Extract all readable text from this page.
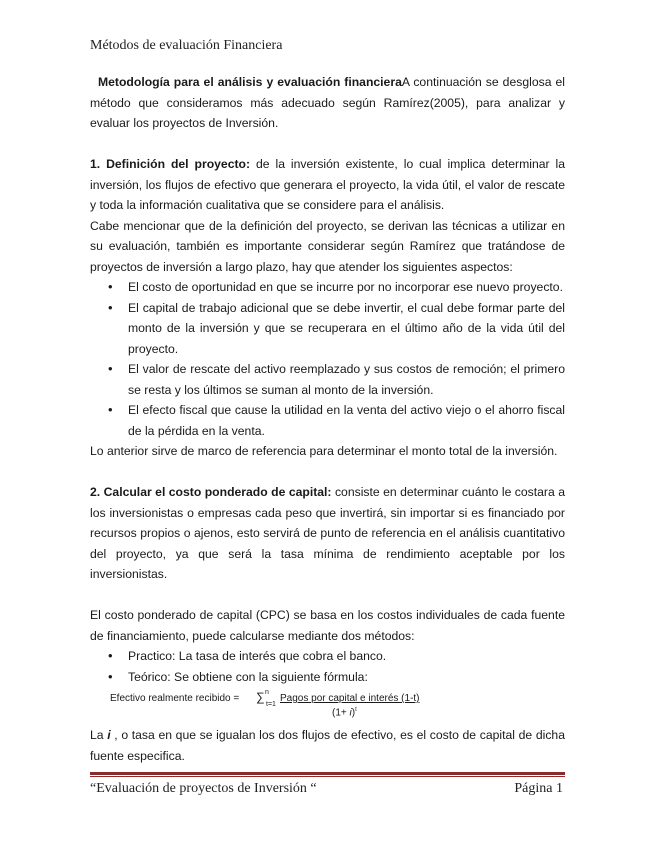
Métodos de evaluación Financiera

Metodología para el análisis y evaluación financieraA continuación se desglosa el método que consideramos más adecuado según Ramírez(2005), para analizar y evaluar los proyectos de Inversión.

1. Definición del proyecto: de la inversión existente, lo cual implica determinar la inversión, los flujos de efectivo que generara el proyecto, la vida útil, el valor de rescate y toda la información cualitativa que se considere para el análisis.

Cabe mencionar que de la definición del proyecto, se derivan las técnicas a utilizar en su evaluación, también es importante considerar según Ramírez que tratándose de proyectos de inversión a largo plazo, hay que atender los siguientes aspectos:

• El costo de oportunidad en que se incurre por no incorporar ese nuevo proyecto.
• El capital de trabajo adicional que se debe invertir, el cual debe formar parte del monto de la inversión y que se recuperara en el último año de la vida útil del proyecto.
• El valor de rescate del activo reemplazado y sus costos de remoción; el primero se resta y los últimos se suman al monto de la inversión.
• El efecto fiscal que cause la utilidad en la venta del activo viejo o el ahorro fiscal de la pérdida en la venta.

Lo anterior sirve de marco de referencia para determinar el monto total de la inversión.

2. Calcular el costo ponderado de capital: consiste en determinar cuánto le costara a los inversionistas o empresas cada peso que invertirá, sin importar si es financiado por recursos propios o ajenos, esto servirá de punto de referencia en el análisis cuantitativo del proyecto, ya que será la tasa mínima de rendimiento aceptable por los inversionistas.

El costo ponderado de capital (CPC) se basa en los costos individuales de cada fuente de financiamiento, puede calcularse mediante dos métodos:

• Practico: La tasa de interés que cobra el banco.
• Teórico: Se obtiene con la siguiente fórmula:
Efectivo realmente recibido = ∑ n
t=1
Pagos por capital e interés (1-t)
$(1+ i)^t$

La i , o tasa en que se igualan los dos flujos de efectivo, es el costo de capital de dicha fuente especifica.

“Evaluación de proyectos de Inversión “	Página 1
